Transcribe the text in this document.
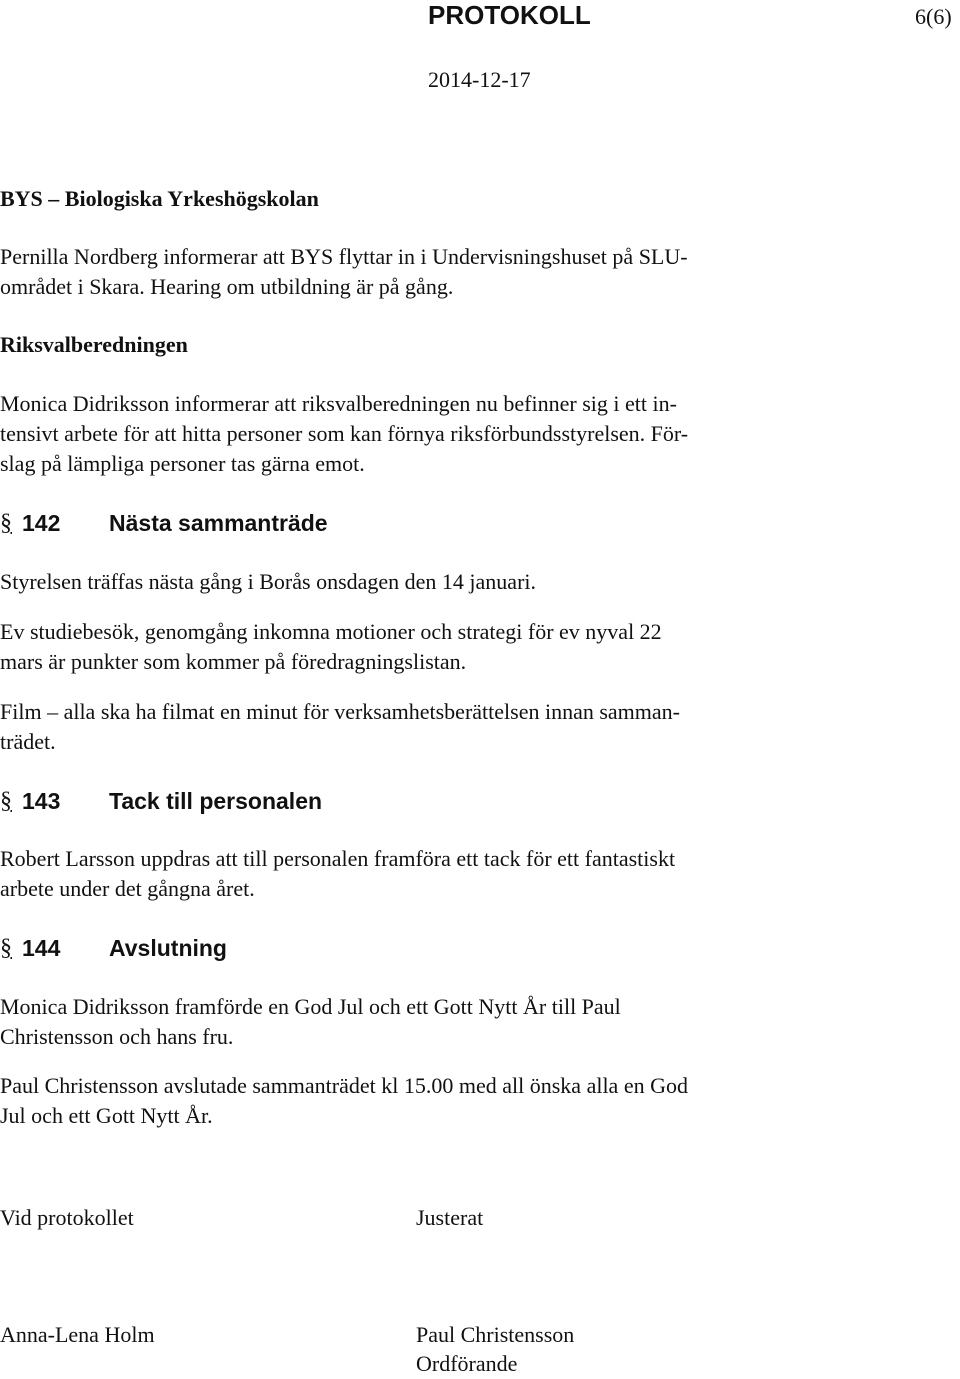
PROTOKOLL	6(6)
2014-12-17
BYS – Biologiska Yrkeshögskolan
Pernilla Nordberg informerar att BYS flyttar in i Undervisningshuset på SLU-
området i Skara. Hearing om utbildning är på gång.
Riksvalberedningen
Monica Didriksson informerar att riksvalberedningen nu befinner sig i ett in-
tensivt arbete för att hitta personer som kan förnya riksförbundsstyrelsen. För-
slag på lämpliga personer tas gärna emot.
§ 142 Nästa sammanträde
Styrelsen träffas nästa gång i Borås onsdagen den 14 januari.
Ev studiebesök, genomgång inkomna motioner och strategi för ev nyval 22
mars är punkter som kommer på föredragningslistan.
Film – alla ska ha filmat en minut för verksamhetsberättelsen innan samman-
trädet.
§ 143 Tack till personalen
Robert Larsson uppdras att till personalen framföra ett tack för ett fantastiskt
arbete under det gångna året.
§ 144 Avslutning
Monica Didriksson framförde en God Jul och ett Gott Nytt År till Paul
Christensson och hans fru.
Paul Christensson avslutade sammanträdet kl 15.00 med all önska alla en God
Jul och ett Gott Nytt År.
Vid protokollet	Justerat
Anna-Lena Holm	Paul Christensson
Ordförande
